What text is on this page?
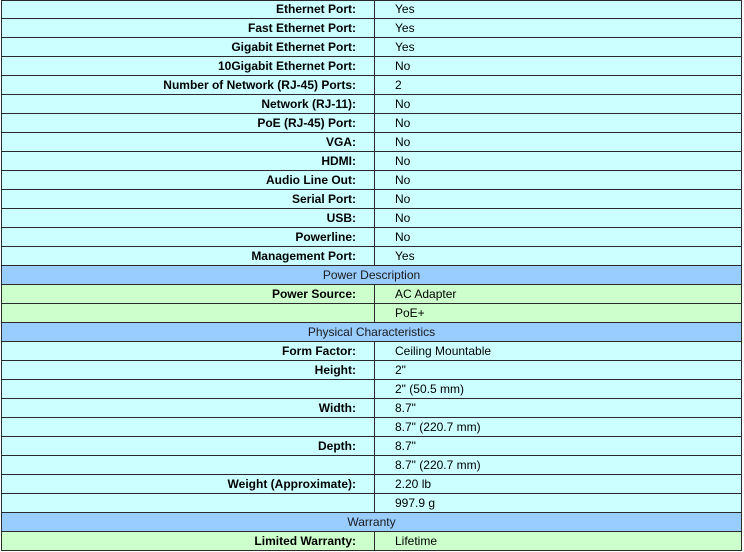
Ethernet Port:	Yes
Fast Ethernet Port:	Yes
Gigabit Ethernet Port:	Yes
10Gigabit Ethernet Port:	No
Number of Network (RJ-45) Ports:	2
Network (RJ-11):	No
PoE (RJ-45) Port:	No
VGA:	No
HDMI:	No
Audio Line Out:	No
Serial Port:	No
USB:	No
Powerline:	No
Management Port:	Yes
Power Description	
Power Source:	AC Adapter
	PoE+
Physical Characteristics	
Form Factor:	Ceiling Mountable
Height:	2"
	2" (50.5 mm)
Width:	8.7"
	8.7" (220.7 mm)
Depth:	8.7"
	8.7" (220.7 mm)
Weight (Approximate):	2.20 lb
	997.9 g
Warranty	
Limited Warranty:	Lifetime
